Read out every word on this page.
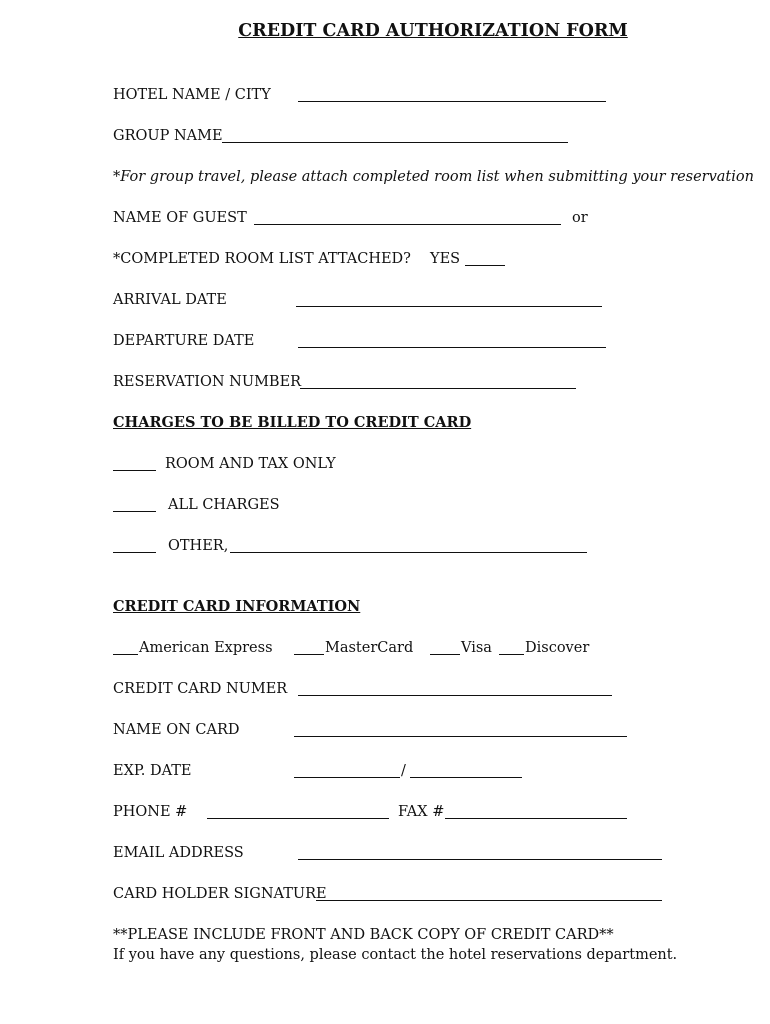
CREDIT CARD AUTHORIZATION FORM
HOTEL NAME / CITY
GROUP NAME
*For group travel, please attach completed room list when submitting your reservation
NAME OF GUEST	or
*COMPLETED ROOM LIST ATTACHED? YES
ARRIVAL DATE
DEPARTURE DATE
RESERVATION NUMBER
CHARGES TO BE BILLED TO CREDIT CARD
ROOM AND TAX ONLY
ALL CHARGES
OTHER,
CREDIT CARD INFORMATION
American Express	MasterCard	Visa Discover
CREDIT CARD NUMER
NAME ON CARD
EXP. DATE	/
PHONE #	FAX #
EMAIL ADDRESS
CARD HOLDER SIGNATURE
**PLEASE INCLUDE FRONT AND BACK COPY OF CREDIT CARD**
If you have any questions, please contact the hotel reservations department.
